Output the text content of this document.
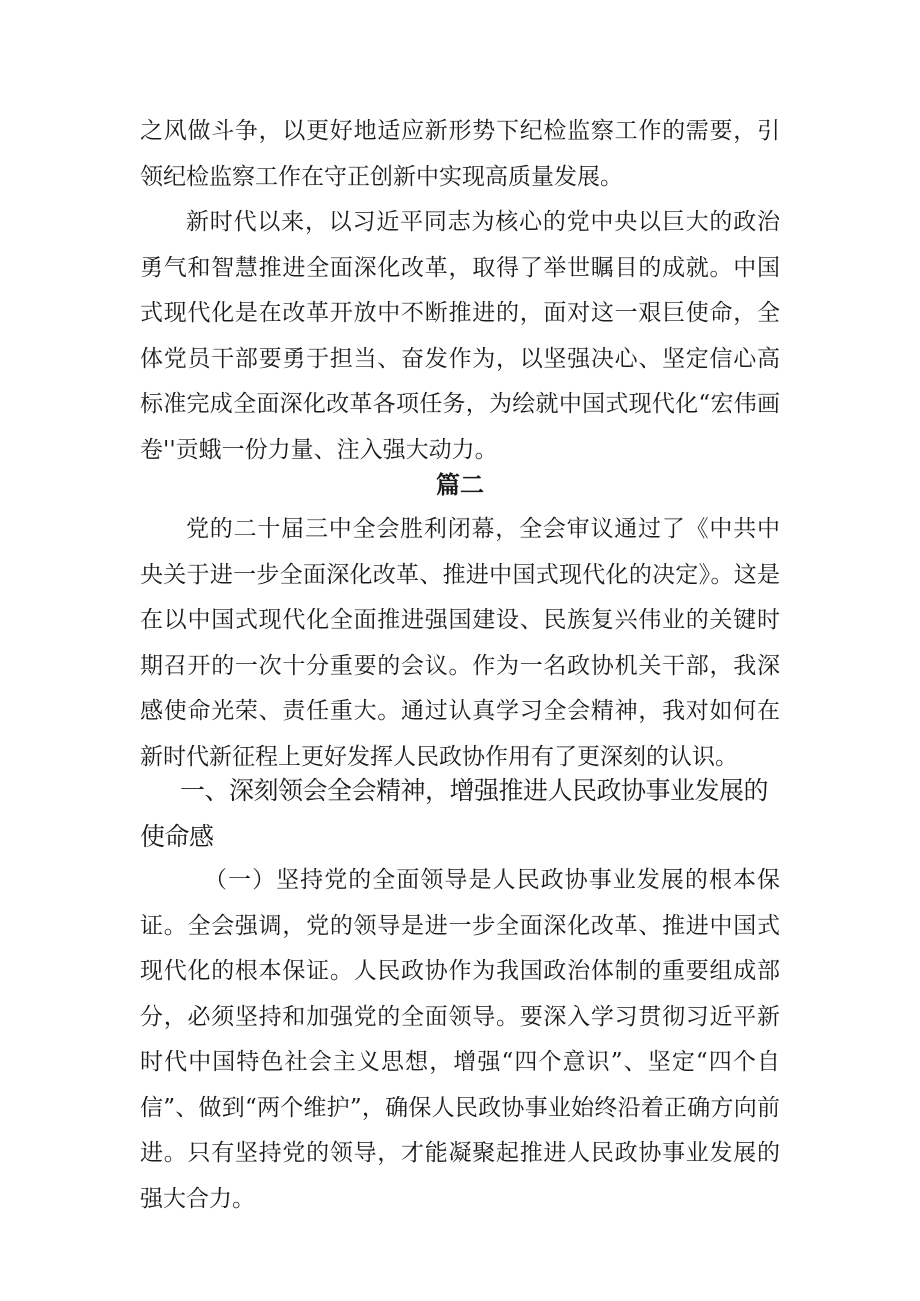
之风做斗争，以更好地适应新形势下纪检监察工作的需要，引领纪检监察工作在守正创新中实现高质量发展。

新时代以来，以习近平同志为核心的党中央以巨大的政治勇气和智慧推进全面深化改革，取得了举世瞩目的成就。中国式现代化是在改革开放中不断推进的，面对这一艰巨使命，全体党员干部要勇于担当、奋发作为，以坚强决心、坚定信心高标准完成全面深化改革各项任务，为绘就中国式现代化“宏伟画卷''贡蛾一份力量、注入强大动力。

篇二

党的二十届三中全会胜利闭幕，全会审议通过了《中共中央关于进一步全面深化改革、推进中国式现代化的决定》。这是在以中国式现代化全面推进强国建设、民族复兴伟业的关键时期召开的一次十分重要的会议。作为一名政协机关干部，我深感使命光荣、责任重大。通过认真学习全会精神，我对如何在新时代新征程上更好发挥人民政协作用有了更深刻的认识。

一、深刻领会全会精神，增强推进人民政协事业发展的使命感

（一）坚持党的全面领导是人民政协事业发展的根本保证。全会强调，党的领导是进一步全面深化改革、推进中国式现代化的根本保证。人民政协作为我国政治体制的重要组成部分，必须坚持和加强党的全面领导。要深入学习贯彻习近平新时代中国特色社会主义思想，增强“四个意识”、坚定“四个自信”、做到“两个维护”，确保人民政协事业始终沿着正确方向前进。只有坚持党的领导，才能凝聚起推进人民政协事业发展的强大合力。
